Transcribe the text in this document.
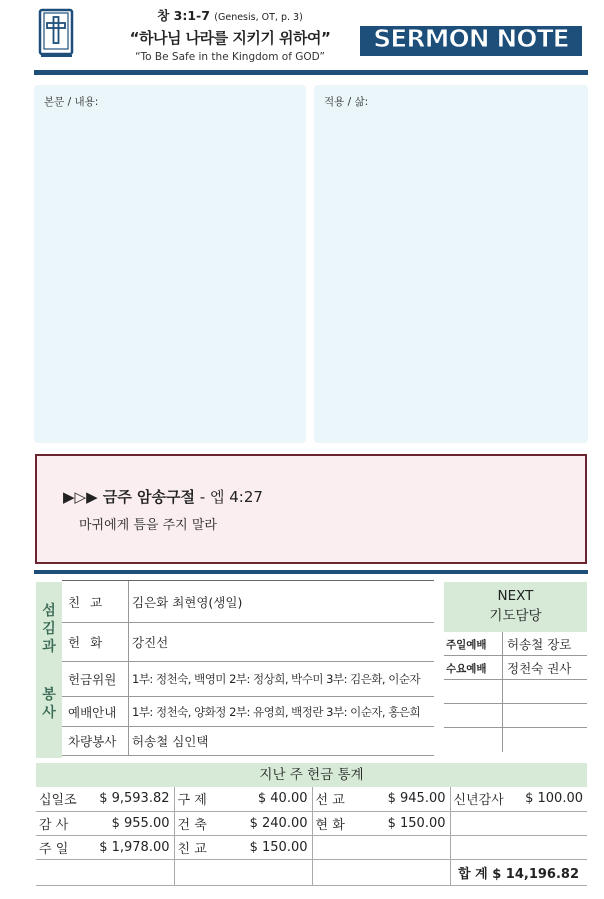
창 3:1-7 (Genesis, OT, p. 3)
“하나님 나라를 지키기 위하여”
“To Be Safe in the Kingdom of GOD”
SERMON NOTE
본문 / 내용:	적용 / 삶:
▶▷▶ 금주 암송구절 - 엡 4:27
마귀에게 틈을 주지 말라
섬
김
과
봉
사
친교	김은화 최현영(생일)
헌화	강진선
헌금위원	1부: 정천숙, 백영미 2부: 정상희, 박수미 3부: 김은화, 이순자
예배안내	1부: 정천숙, 양화정 2부: 유영희, 백정란 3부: 이순자, 홍은희
차량봉사	허송철 심인택
NEXT
기도담당
주일예배	허송철 장로
수요예배	정천숙 권사
지난 주 헌금 통계
십일조	$ 9,593.82	구 제	$ 40.00	선 교	$ 945.00	신년감사	$ 100.00
감 사	$ 955.00	건 축	$ 240.00	현 화	$ 150.00		
주 일	$ 1,978.00	친 교	$ 150.00				
						합 계 $ 14,196.82	
